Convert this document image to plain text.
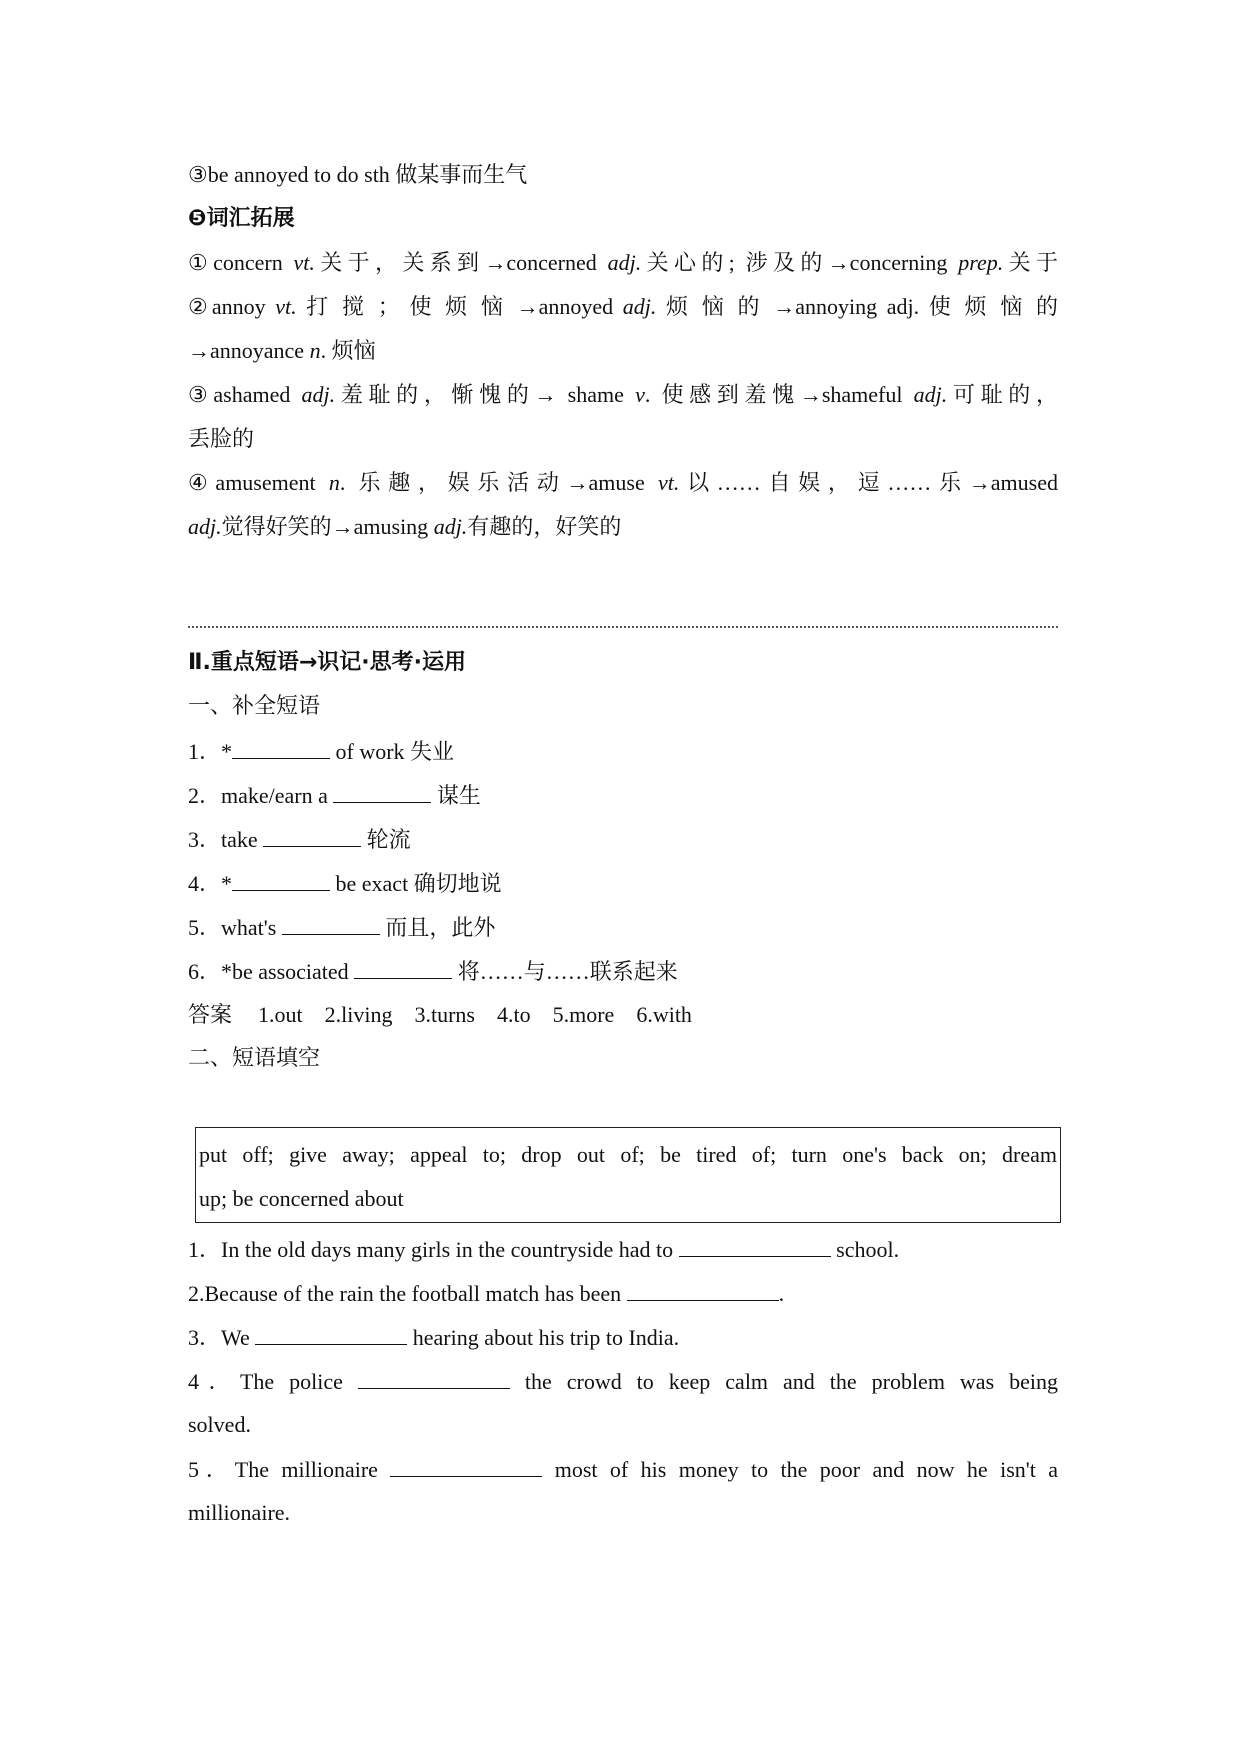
③be annoyed to do sth 做某事而生气
❺词汇拓展
①concern vt.关于，关系到→concerned adj.关心的; 涉及的→concerning prep.关于
②annoy vt. 打 搅 ； 使 烦 恼 →annoyed adj. 烦 恼 的 →annoying adj. 使 烦 恼 的
→annoyance n. 烦恼
③ashamed adj.羞耻的，惭愧的→ shame v. 使感到羞愧→shameful adj.可耻的，
丢脸的
④amusement n. 乐趣，娱乐活动→amuse vt.以……自娱，逗……乐→amused
adj.觉得好笑的→amusing adj.有趣的，好笑的
Ⅱ.重点短语→识记·思考·运用
一、补全短语
1．*	of work 失业
2．make/earn a	谋生
3．take	轮流
4．*	be exact 确切地说
5．what's	而且，此外
6．*be associated	将……与……联系起来
答案 1.out 2.living 3.turns 4.to 5.more 6.with
二、短语填空
put off; give away; appeal to; drop out of; be tired of; turn one's back on; dream
up; be concerned about
1．In the old days many girls in the countryside had to	school.
2.Because of the rain the football match has been	.
3．We	hearing about his trip to India.
4．The police	the crowd to keep calm and the problem was being
solved.
5．The millionaire	most of his money to the poor and now he isn't a
millionaire.
